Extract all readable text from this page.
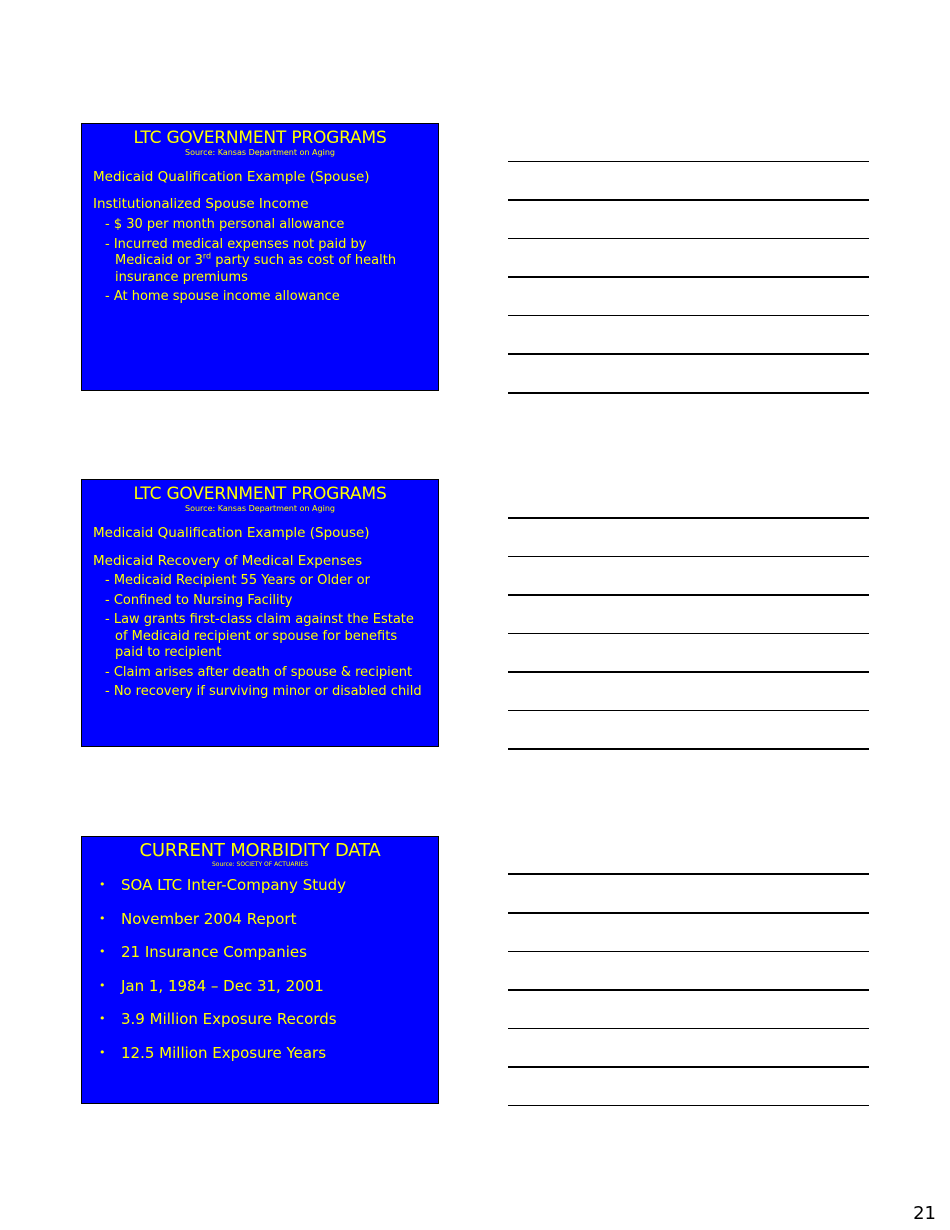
LTC GOVERNMENT PROGRAMS
Source: Kansas Department on Aging
Medicaid Qualification Example (Spouse)
Institutionalized Spouse Income
- $ 30 per month personal allowance
- Incurred medical expenses not paid by Medicaid or 3rd party such as cost of health insurance premiums
- At home spouse income allowance
LTC GOVERNMENT PROGRAMS
Source: Kansas Department on Aging
Medicaid Qualification Example (Spouse)
Medicaid Recovery of Medical Expenses
- Medicaid Recipient 55 Years or Older or
- Confined to Nursing Facility
- Law grants first-class claim against the Estate of Medicaid recipient or spouse for benefits paid to recipient
- Claim arises after death of spouse & recipient
- No recovery if surviving minor or disabled child
CURRENT MORBIDITY DATA
Source: SOCIETY OF ACTUARIES
• SOA LTC Inter-Company Study
• November 2004 Report
• 21 Insurance Companies
• Jan 1, 1984 – Dec 31, 2001
• 3.9 Million Exposure Records
• 12.5 Million Exposure Years
21
